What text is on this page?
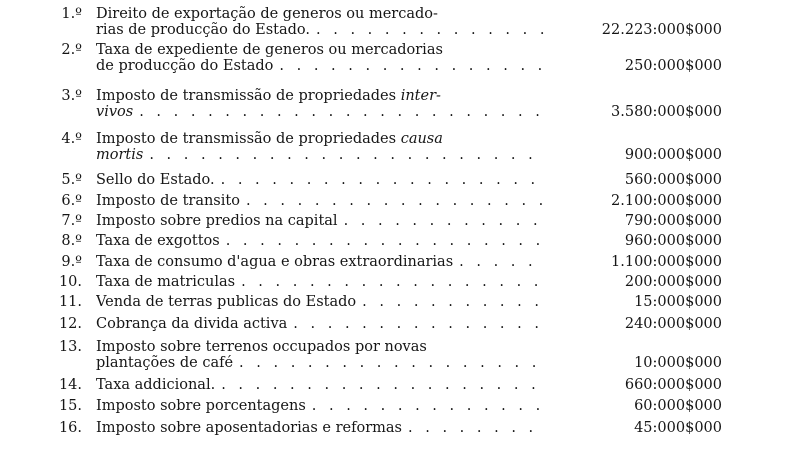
1.º Direito de exportação de generos ou mercado-
rias de producção do Estado. . . .	22.223:000$000
2.º Taxa de expediente de generos ou mercadorias
de producção do Estado . . .	250:000$000
3.º Imposto de transmissão de propriedades inter-
vivos . . .	3.580:000$000
4.º Imposto de transmissão de propriedades causa
mortis . . .	900:000$000
5.º Sello do Estado. . . .	560:000$000
6.º Imposto de transito . . .	2.100:000$000
7.º Imposto sobre predios na capital . . .	790:000$000
8.º Taxa de exgottos . . .	960:000$000
9.º Taxa de consumo d'agua e obras extraordinarias . . .	1.100:000$000
10. Taxa de matriculas . . .	200:000$000
11. Venda de terras publicas do Estado . . .	15:000$000
12. Cobrança da divida activa . . .	240:000$000
13. Imposto sobre terrenos occupados por novas
plantações de café . . .	10:000$000
14. Taxa addicional. . . .	660:000$000
15. Imposto sobre porcentagens . . .	60:000$000
16. Imposto sobre aposentadorias e reformas . . .	45:000$000
